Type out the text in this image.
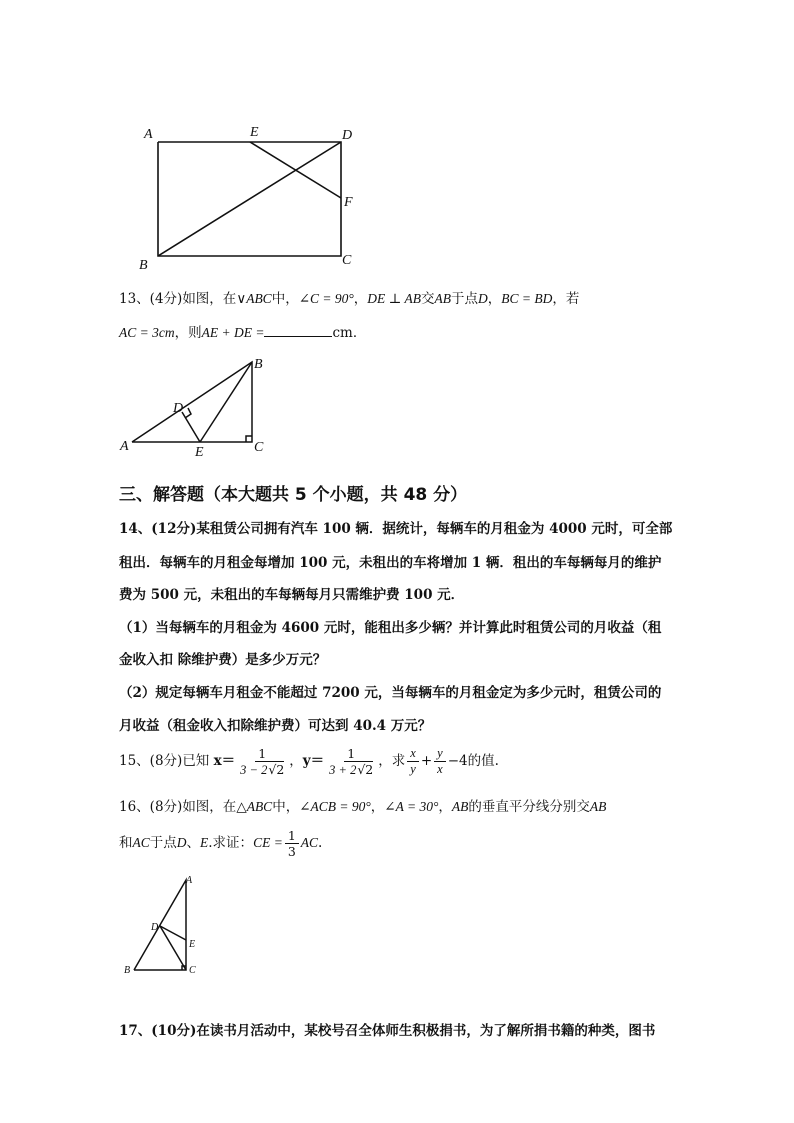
A	E	D
F
B	C
13、(4分)如图，在∨ABC中，∠C = 90°，DE ⊥ AB交AB于点D，BC = BD，若
AC = 3cm，则AE + DE =	cm．
B
D
A	E	C
三、解答题（本大题共 5 个小题，共 48 分）
14、(12分)某租赁公司拥有汽车 100 辆．据统计，每辆车的月租金为 4000 元时，可全部
租出．每辆车的月租金每增加 100 元，未租出的车将增加 1 辆．租出的车每辆每月的维护
费为 500 元，未租出的车每辆每月只需维护费 100 元．
（1）当每辆车的月租金为 4600 元时，能租出多少辆？并计算此时租赁公司的月收益（租
金收入扣 除维护费）是多少万元？
（2）规定每辆车月租金不能超过 7200 元，当每辆车的月租金定为多少元时，租赁公司的
月收益（租金收入扣除维护费）可达到 40.4 万元？
15、(8分)已知 $x= \frac{1}{3 - 2√2}$ ，$y= \frac{1}{3 + 2√2}$ ，求 $\frac{x}{y} + \frac{y}{x} -4$的值.
16、(8分)如图，在△ABC中，∠ACB = 90°，∠A = 30°，AB的垂直平分线分别交AB
和AC于点D、E.求证：CE = $\frac{1}{3}$ AC.
A
D
E
B	C
17、(10分)在读书月活动中，某校号召全体师生积极捐书，为了解所捐书籍的种类，图书
